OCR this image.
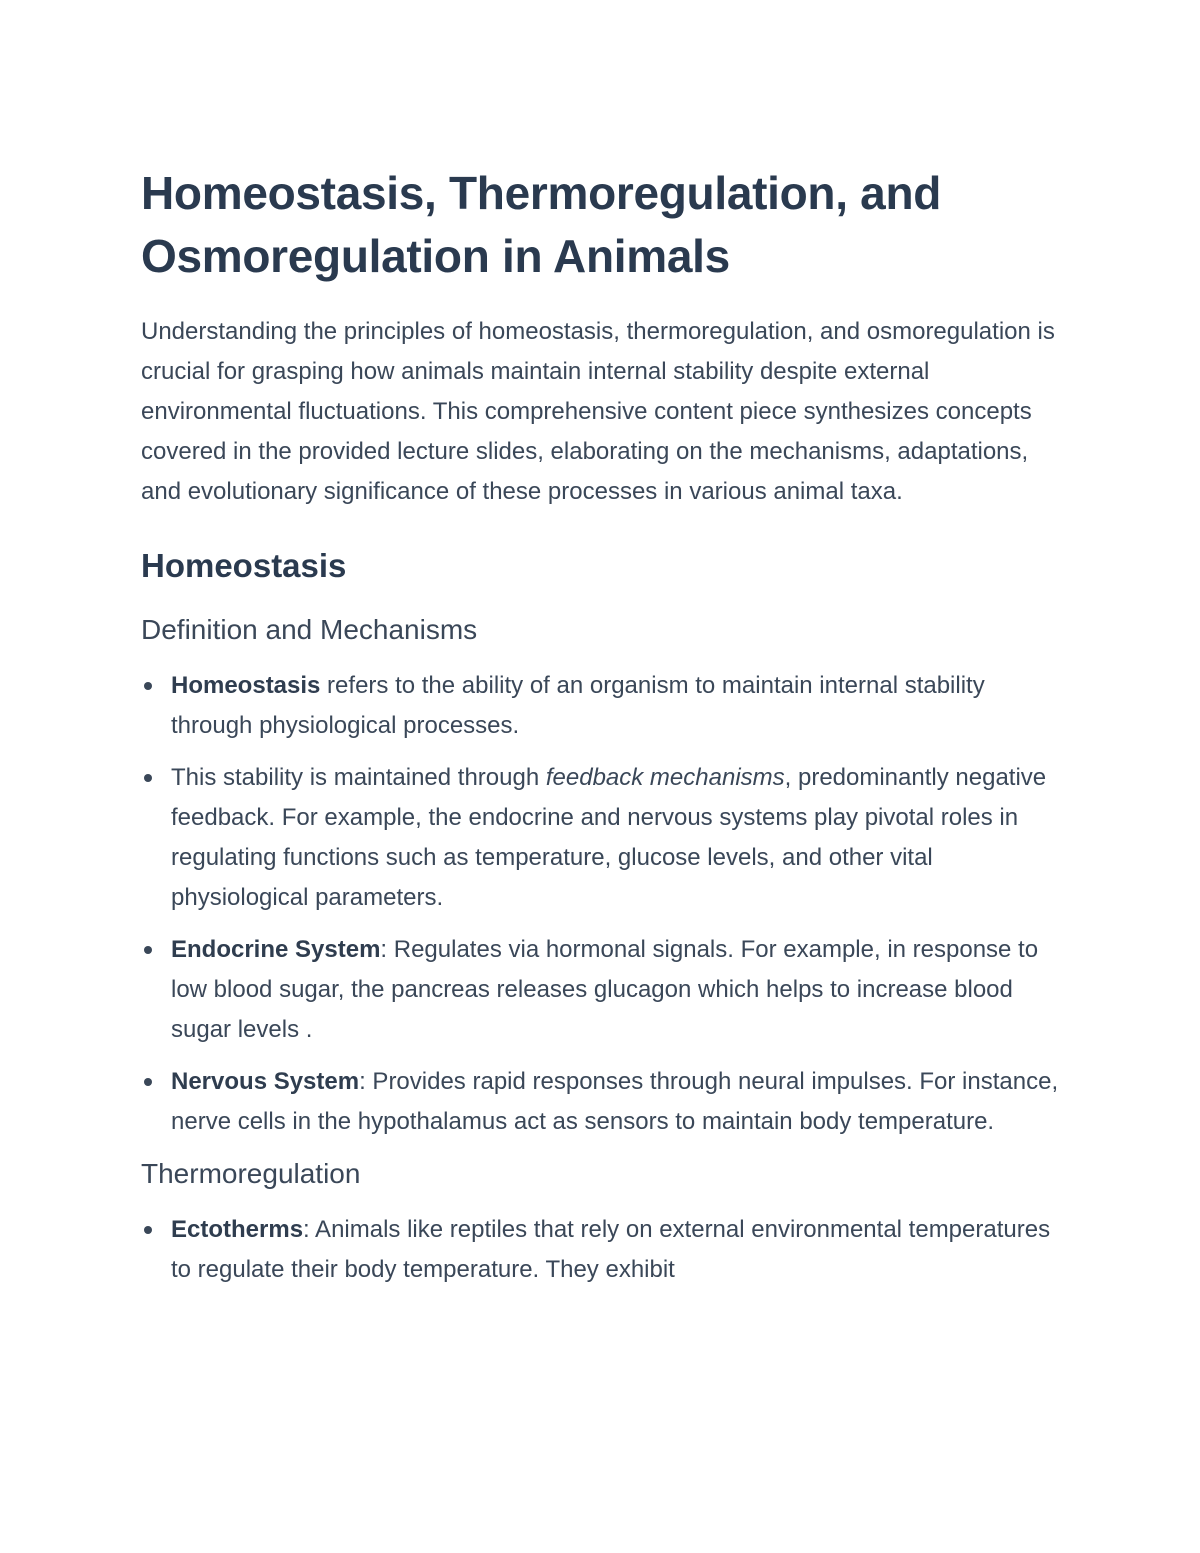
Homeostasis, Thermoregulation, and Osmoregulation in Animals

Understanding the principles of homeostasis, thermoregulation, and osmoregulation is crucial for grasping how animals maintain internal stability despite external environmental fluctuations. This comprehensive content piece synthesizes concepts covered in the provided lecture slides, elaborating on the mechanisms, adaptations, and evolutionary significance of these processes in various animal taxa.

Homeostasis
Definition and Mechanisms
Homeostasis refers to the ability of an organism to maintain internal stability through physiological processes.
This stability is maintained through feedback mechanisms, predominantly negative feedback. For example, the endocrine and nervous systems play pivotal roles in regulating functions such as temperature, glucose levels, and other vital physiological parameters.
Endocrine System: Regulates via hormonal signals. For example, in response to low blood sugar, the pancreas releases glucagon which helps to increase blood sugar levels .
Nervous System: Provides rapid responses through neural impulses. For instance, nerve cells in the hypothalamus act as sensors to maintain body temperature.
Thermoregulation
Ectotherms: Animals like reptiles that rely on external environmental temperatures to regulate their body temperature. They exhibit
